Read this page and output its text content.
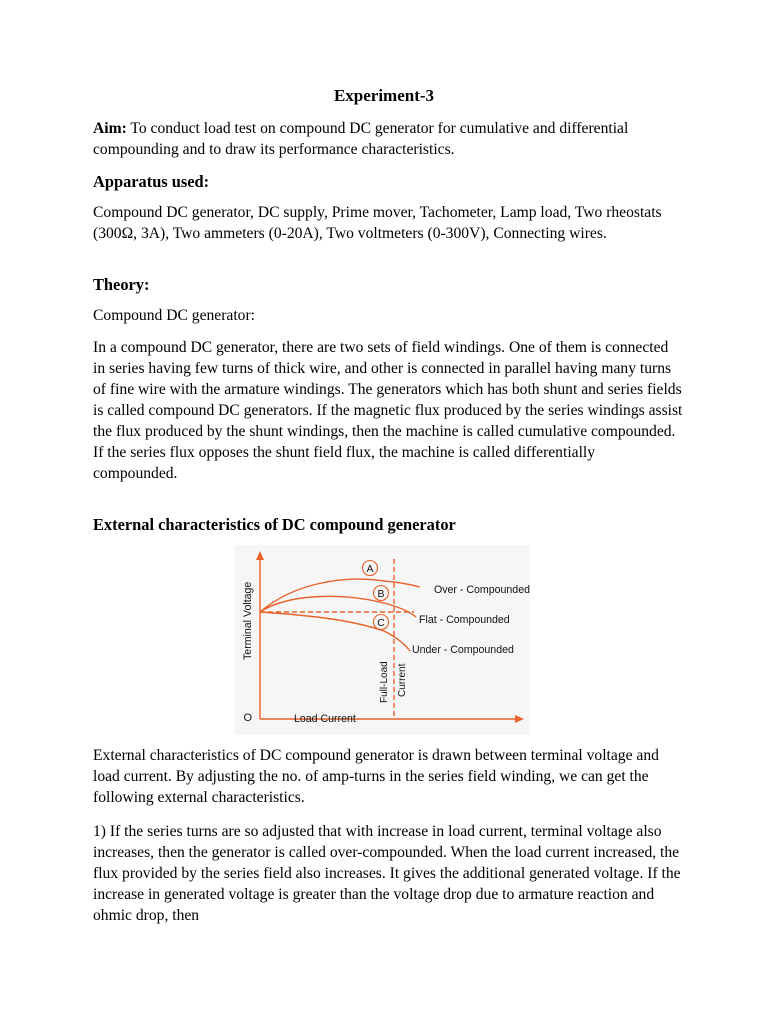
Experiment-3

Aim: To conduct load test on compound DC generator for cumulative and differential compounding and to draw its performance characteristics.

Apparatus used:

Compound DC generator, DC supply, Prime mover, Tachometer, Lamp load, Two rheostats (300Ω, 3A), Two ammeters (0-20A), Two voltmeters (0-300V), Connecting wires.

Theory:

Compound DC generator:

In a compound DC generator, there are two sets of field windings. One of them is connected in series having few turns of thick wire, and other is connected in parallel having many turns of fine wire with the armature windings. The generators which has both shunt and series fields is called compound DC generators. If the magnetic flux produced by the series windings assist the flux produced by the shunt windings, then the machine is called cumulative compounded. If the series flux opposes the shunt field flux, the machine is called differentially compounded.

External characteristics of DC compound generator
A
B
C
Over - Compounded
Flat - Compounded
Under - Compounded
Load Current
O
Terminal Voltage
Full-Load Current

External characteristics of DC compound generator is drawn between terminal voltage and load current. By adjusting the no. of amp-turns in the series field winding, we can get the following external characteristics.

1) If the series turns are so adjusted that with increase in load current, terminal voltage also increases, then the generator is called over-compounded. When the load current increased, the flux provided by the series field also increases. It gives the additional generated voltage. If the increase in generated voltage is greater than the voltage drop due to armature reaction and ohmic drop, then
